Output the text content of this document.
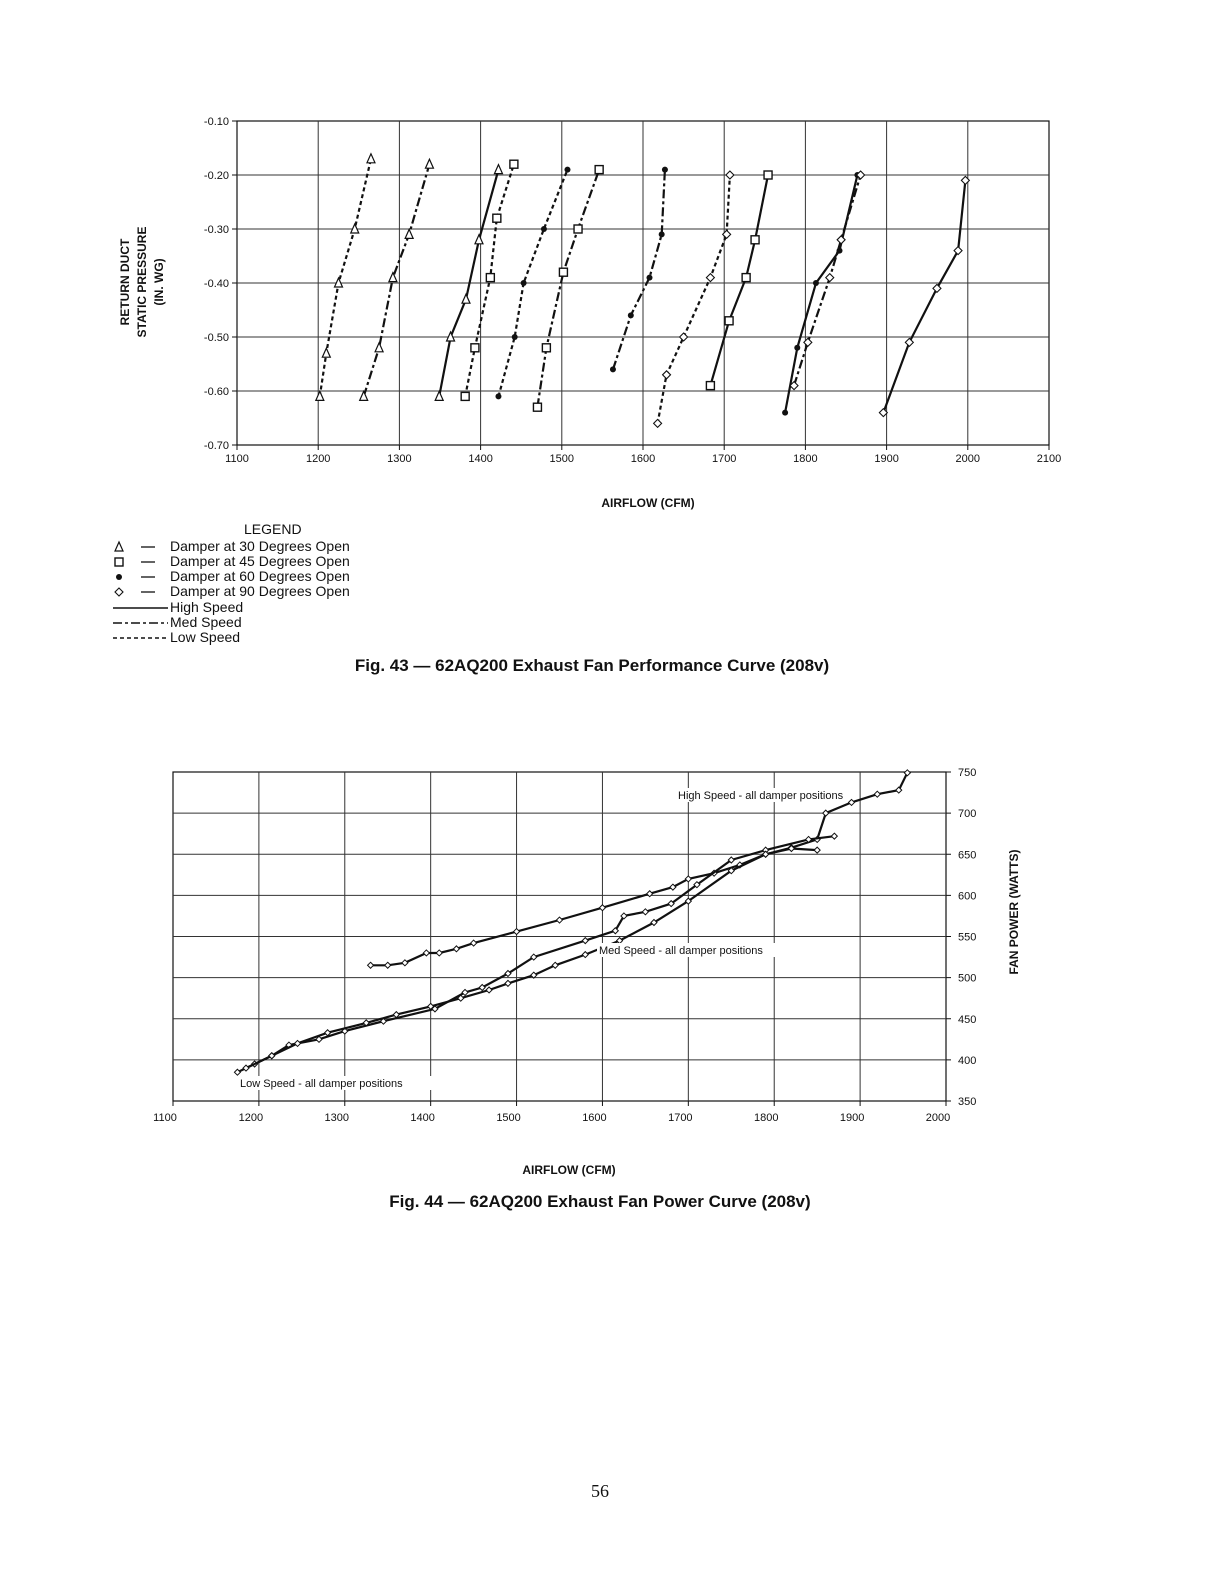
1100	1200	1300	1400	1500	1600	1700	1800	1900	2000	2100
-0.10
-0.20
-0.30
-0.40
-0.50
-0.60
-0.70
AIRFLOW (CFM)
RETURN DUCT STATIC PRESSURE (IN. WG)
LEGEND
Damper at 30 Degrees Open
Damper at 45 Degrees Open
Damper at 60 Degrees Open
Damper at 90 Degrees Open
High Speed
Med Speed
Low Speed
Fig. 43 — 62AQ200 Exhaust Fan Performance Curve (208v)
1100	1200	1300	1400	1500	1600	1700	1800	1900	2000
750
700
650
600
550
500
450
400
350
High Speed - all damper positions
Med Speed - all damper positions
Low Speed - all damper positions
AIRFLOW (CFM)
FAN POWER (WATTS)
Fig. 44 — 62AQ200 Exhaust Fan Power Curve (208v)
56
